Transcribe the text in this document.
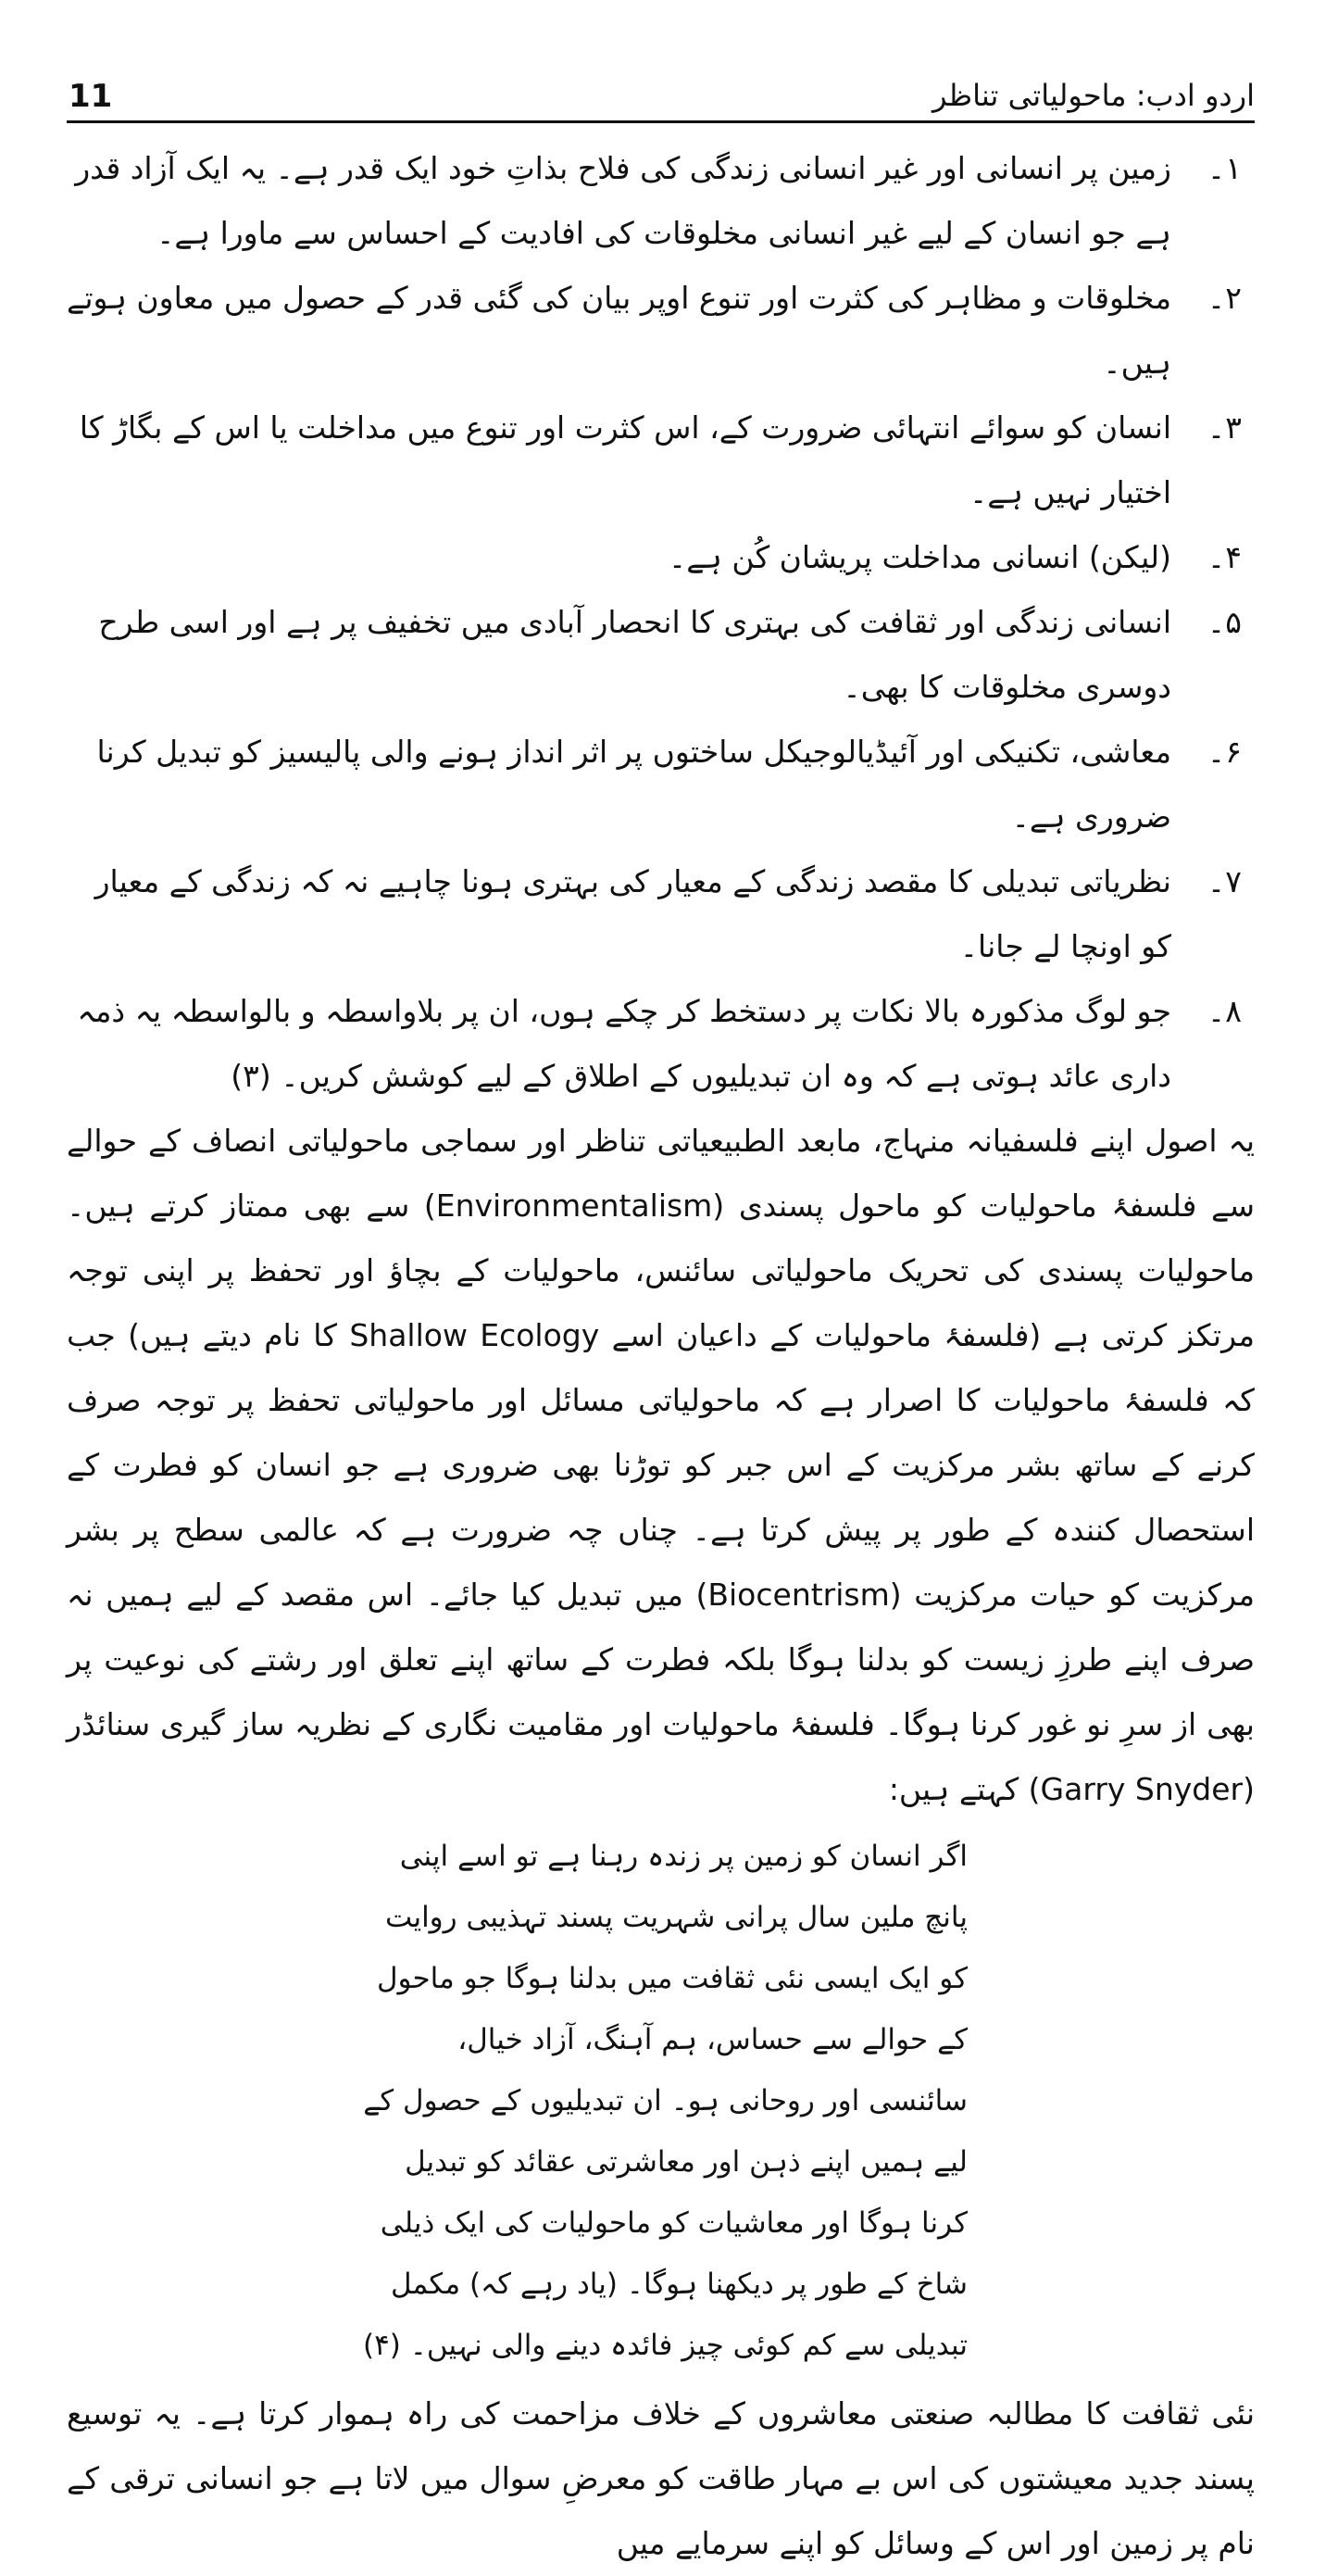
11	اردو ادب: ماحولیاتی تناظر
۱۔
زمین پر انسانی اور غیر انسانی زندگی کی فلاح بذاتِ خود ایک قدر ہے۔ یہ ایک آزاد قدر ہے جو انسان کے لیے غیر انسانی مخلوقات کی افادیت کے احساس سے ماورا ہے۔
۲۔
مخلوقات و مظاہر کی کثرت اور تنوع اوپر بیان کی گئی قدر کے حصول میں معاون ہوتے ہیں۔
۳۔
انسان کو سوائے انتہائی ضرورت کے، اس کثرت اور تنوع میں مداخلت یا اس کے بگاڑ کا اختیار نہیں ہے۔
۴۔
(لیکن) انسانی مداخلت پریشان کُن ہے۔
۵۔
انسانی زندگی اور ثقافت کی بہتری کا انحصار آبادی میں تخفیف پر ہے اور اسی طرح دوسری مخلوقات کا بھی۔
۶۔
معاشی، تکنیکی اور آئیڈیالوجیکل ساختوں پر اثر انداز ہونے والی پالیسیز کو تبدیل کرنا ضروری ہے۔
۷۔
نظریاتی تبدیلی کا مقصد زندگی کے معیار کی بہتری ہونا چاہیے نہ کہ زندگی کے معیار کو اونچا لے جانا۔
۸۔
جو لوگ مذکورہ بالا نکات پر دستخط کر چکے ہوں، ان پر بلاواسطہ و بالواسطہ یہ ذمہ داری عائد ہوتی ہے کہ وہ ان تبدیلیوں کے اطلاق کے لیے کوشش کریں۔ (۳)

یہ اصول اپنے فلسفیانہ منہاج، مابعد الطبیعیاتی تناظر اور سماجی ماحولیاتی انصاف کے حوالے سے فلسفۂ ماحولیات کو ماحول پسندی (Environmentalism) سے بھی ممتاز کرتے ہیں۔ ماحولیات پسندی کی تحریک ماحولیاتی سائنس، ماحولیات کے بچاؤ اور تحفظ پر اپنی توجہ مرتکز کرتی ہے (فلسفۂ ماحولیات کے داعیان اسے Shallow Ecology کا نام دیتے ہیں) جب کہ فلسفۂ ماحولیات کا اصرار ہے کہ ماحولیاتی مسائل اور ماحولیاتی تحفظ پر توجہ صرف کرنے کے ساتھ بشر مرکزیت کے اس جبر کو توڑنا بھی ضروری ہے جو انسان کو فطرت کے استحصال کنندہ کے طور پر پیش کرتا ہے۔ چناں چہ ضرورت ہے کہ عالمی سطح پر بشر مرکزیت کو حیات مرکزیت (Biocentrism) میں تبدیل کیا جائے۔ اس مقصد کے لیے ہمیں نہ صرف اپنے طرزِ زیست کو بدلنا ہوگا بلکہ فطرت کے ساتھ اپنے تعلق اور رشتے کی نوعیت پر بھی از سرِ نو غور کرنا ہوگا۔ فلسفۂ ماحولیات اور مقامیت نگاری کے نظریہ ساز گیری سنائڈر (Garry Snyder) کہتے ہیں:

اگر انسان کو زمین پر زندہ رہنا ہے تو اسے اپنی پانچ ملین سال پرانی شہریت پسند تہذیبی روایت کو ایک ایسی نئی ثقافت میں بدلنا ہوگا جو ماحول کے حوالے سے حساس، ہم آہنگ، آزاد خیال، سائنسی اور روحانی ہو۔ ان تبدیلیوں کے حصول کے لیے ہمیں اپنے ذہن اور معاشرتی عقائد کو تبدیل کرنا ہوگا اور معاشیات کو ماحولیات کی ایک ذیلی شاخ کے طور پر دیکھنا ہوگا۔ (یاد رہے کہ) مکمل تبدیلی سے کم کوئی چیز فائدہ دینے والی نہیں۔ (۴)

نئی ثقافت کا مطالبہ صنعتی معاشروں کے خلاف مزاحمت کی راہ ہموار کرتا ہے۔ یہ توسیع پسند جدید معیشتوں کی اس بے مہار طاقت کو معرضِ سوال میں لاتا ہے جو انسانی ترقی کے نام پر زمین اور اس کے وسائل کو اپنے سرمایے میں
